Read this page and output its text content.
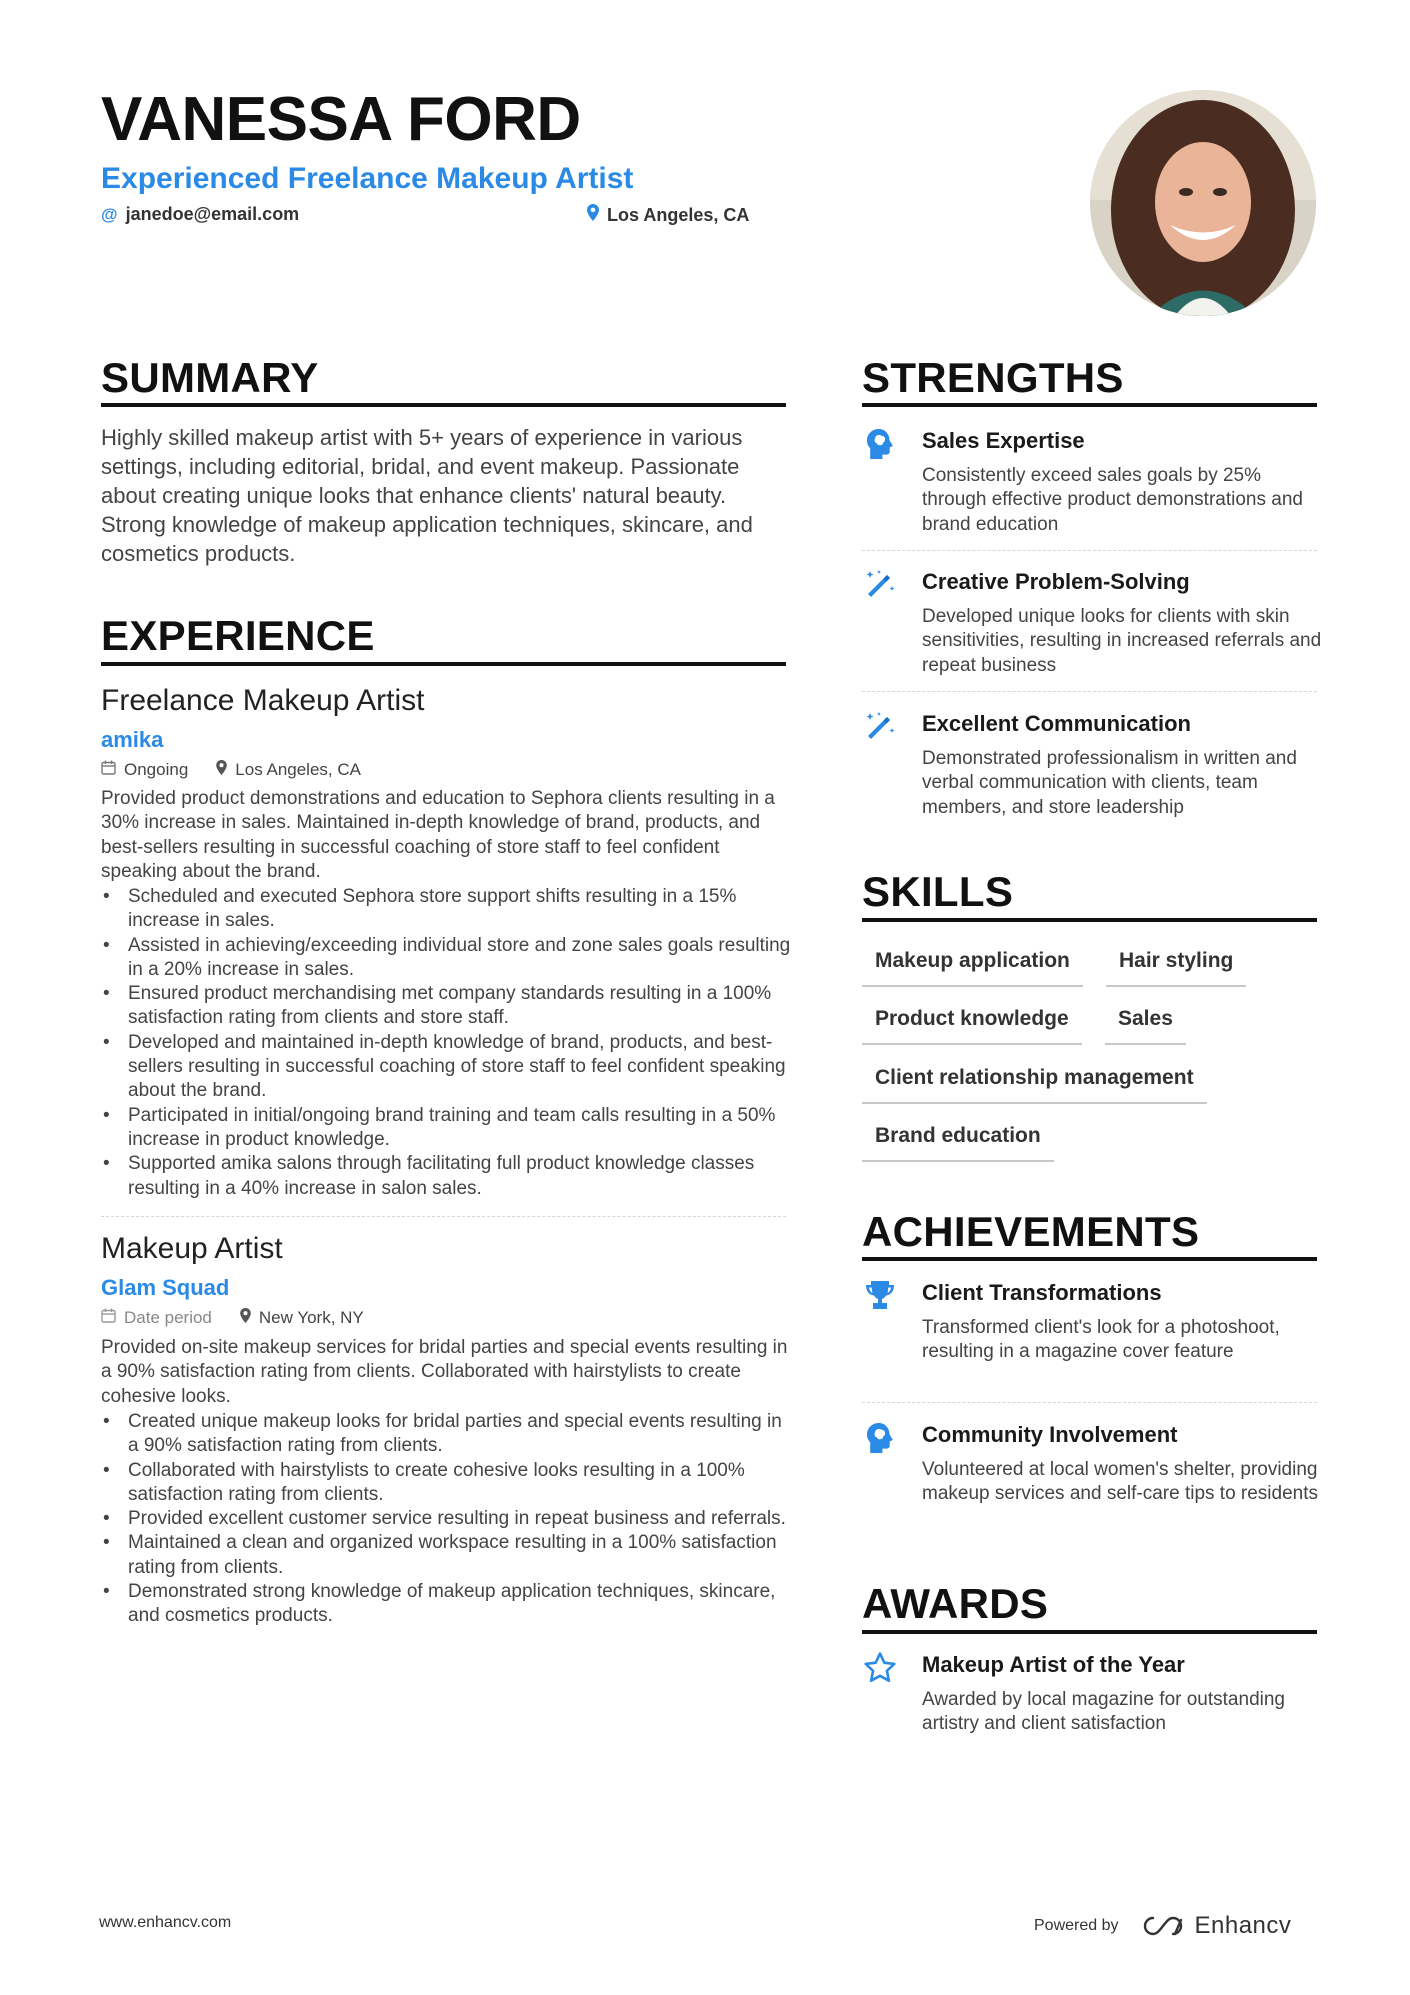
VANESSA FORD
Experienced Freelance Makeup Artist
@ janedoe@email.com	Los Angeles, CA
SUMMARY
Highly skilled makeup artist with 5+ years of experience in various settings, including editorial, bridal, and event makeup. Passionate about creating unique looks that enhance clients' natural beauty. Strong knowledge of makeup application techniques, skincare, and cosmetics products.
EXPERIENCE
Freelance Makeup Artist
amika
Ongoing	Los Angeles, CA
Provided product demonstrations and education to Sephora clients resulting in a 30% increase in sales. Maintained in-depth knowledge of brand, products, and best-sellers resulting in successful coaching of store staff to feel confident speaking about the brand.
• Scheduled and executed Sephora store support shifts resulting in a 15% increase in sales.
• Assisted in achieving/exceeding individual store and zone sales goals resulting in a 20% increase in sales.
• Ensured product merchandising met company standards resulting in a 100% satisfaction rating from clients and store staff.
• Developed and maintained in-depth knowledge of brand, products, and best-sellers resulting in successful coaching of store staff to feel confident speaking about the brand.
• Participated in initial/ongoing brand training and team calls resulting in a 50% increase in product knowledge.
• Supported amika salons through facilitating full product knowledge classes resulting in a 40% increase in salon sales.
Makeup Artist
Glam Squad
Date period	New York, NY
Provided on-site makeup services for bridal parties and special events resulting in a 90% satisfaction rating from clients. Collaborated with hairstylists to create cohesive looks.
• Created unique makeup looks for bridal parties and special events resulting in a 90% satisfaction rating from clients.
• Collaborated with hairstylists to create cohesive looks resulting in a 100% satisfaction rating from clients.
• Provided excellent customer service resulting in repeat business and referrals.
• Maintained a clean and organized workspace resulting in a 100% satisfaction rating from clients.
• Demonstrated strong knowledge of makeup application techniques, skincare, and cosmetics products.
STRENGTHS
Sales Expertise
Consistently exceed sales goals by 25% through effective product demonstrations and brand education
Creative Problem-Solving
Developed unique looks for clients with skin sensitivities, resulting in increased referrals and repeat business
Excellent Communication
Demonstrated professionalism in written and verbal communication with clients, team members, and store leadership
SKILLS
Makeup application	Hair styling
Product knowledge	Sales
Client relationship management
Brand education
ACHIEVEMENTS
Client Transformations
Transformed client's look for a photoshoot, resulting in a magazine cover feature
Community Involvement
Volunteered at local women's shelter, providing makeup services and self-care tips to residents
AWARDS
Makeup Artist of the Year
Awarded by local magazine for outstanding artistry and client satisfaction
www.enhancv.com	Powered by	Enhancv
